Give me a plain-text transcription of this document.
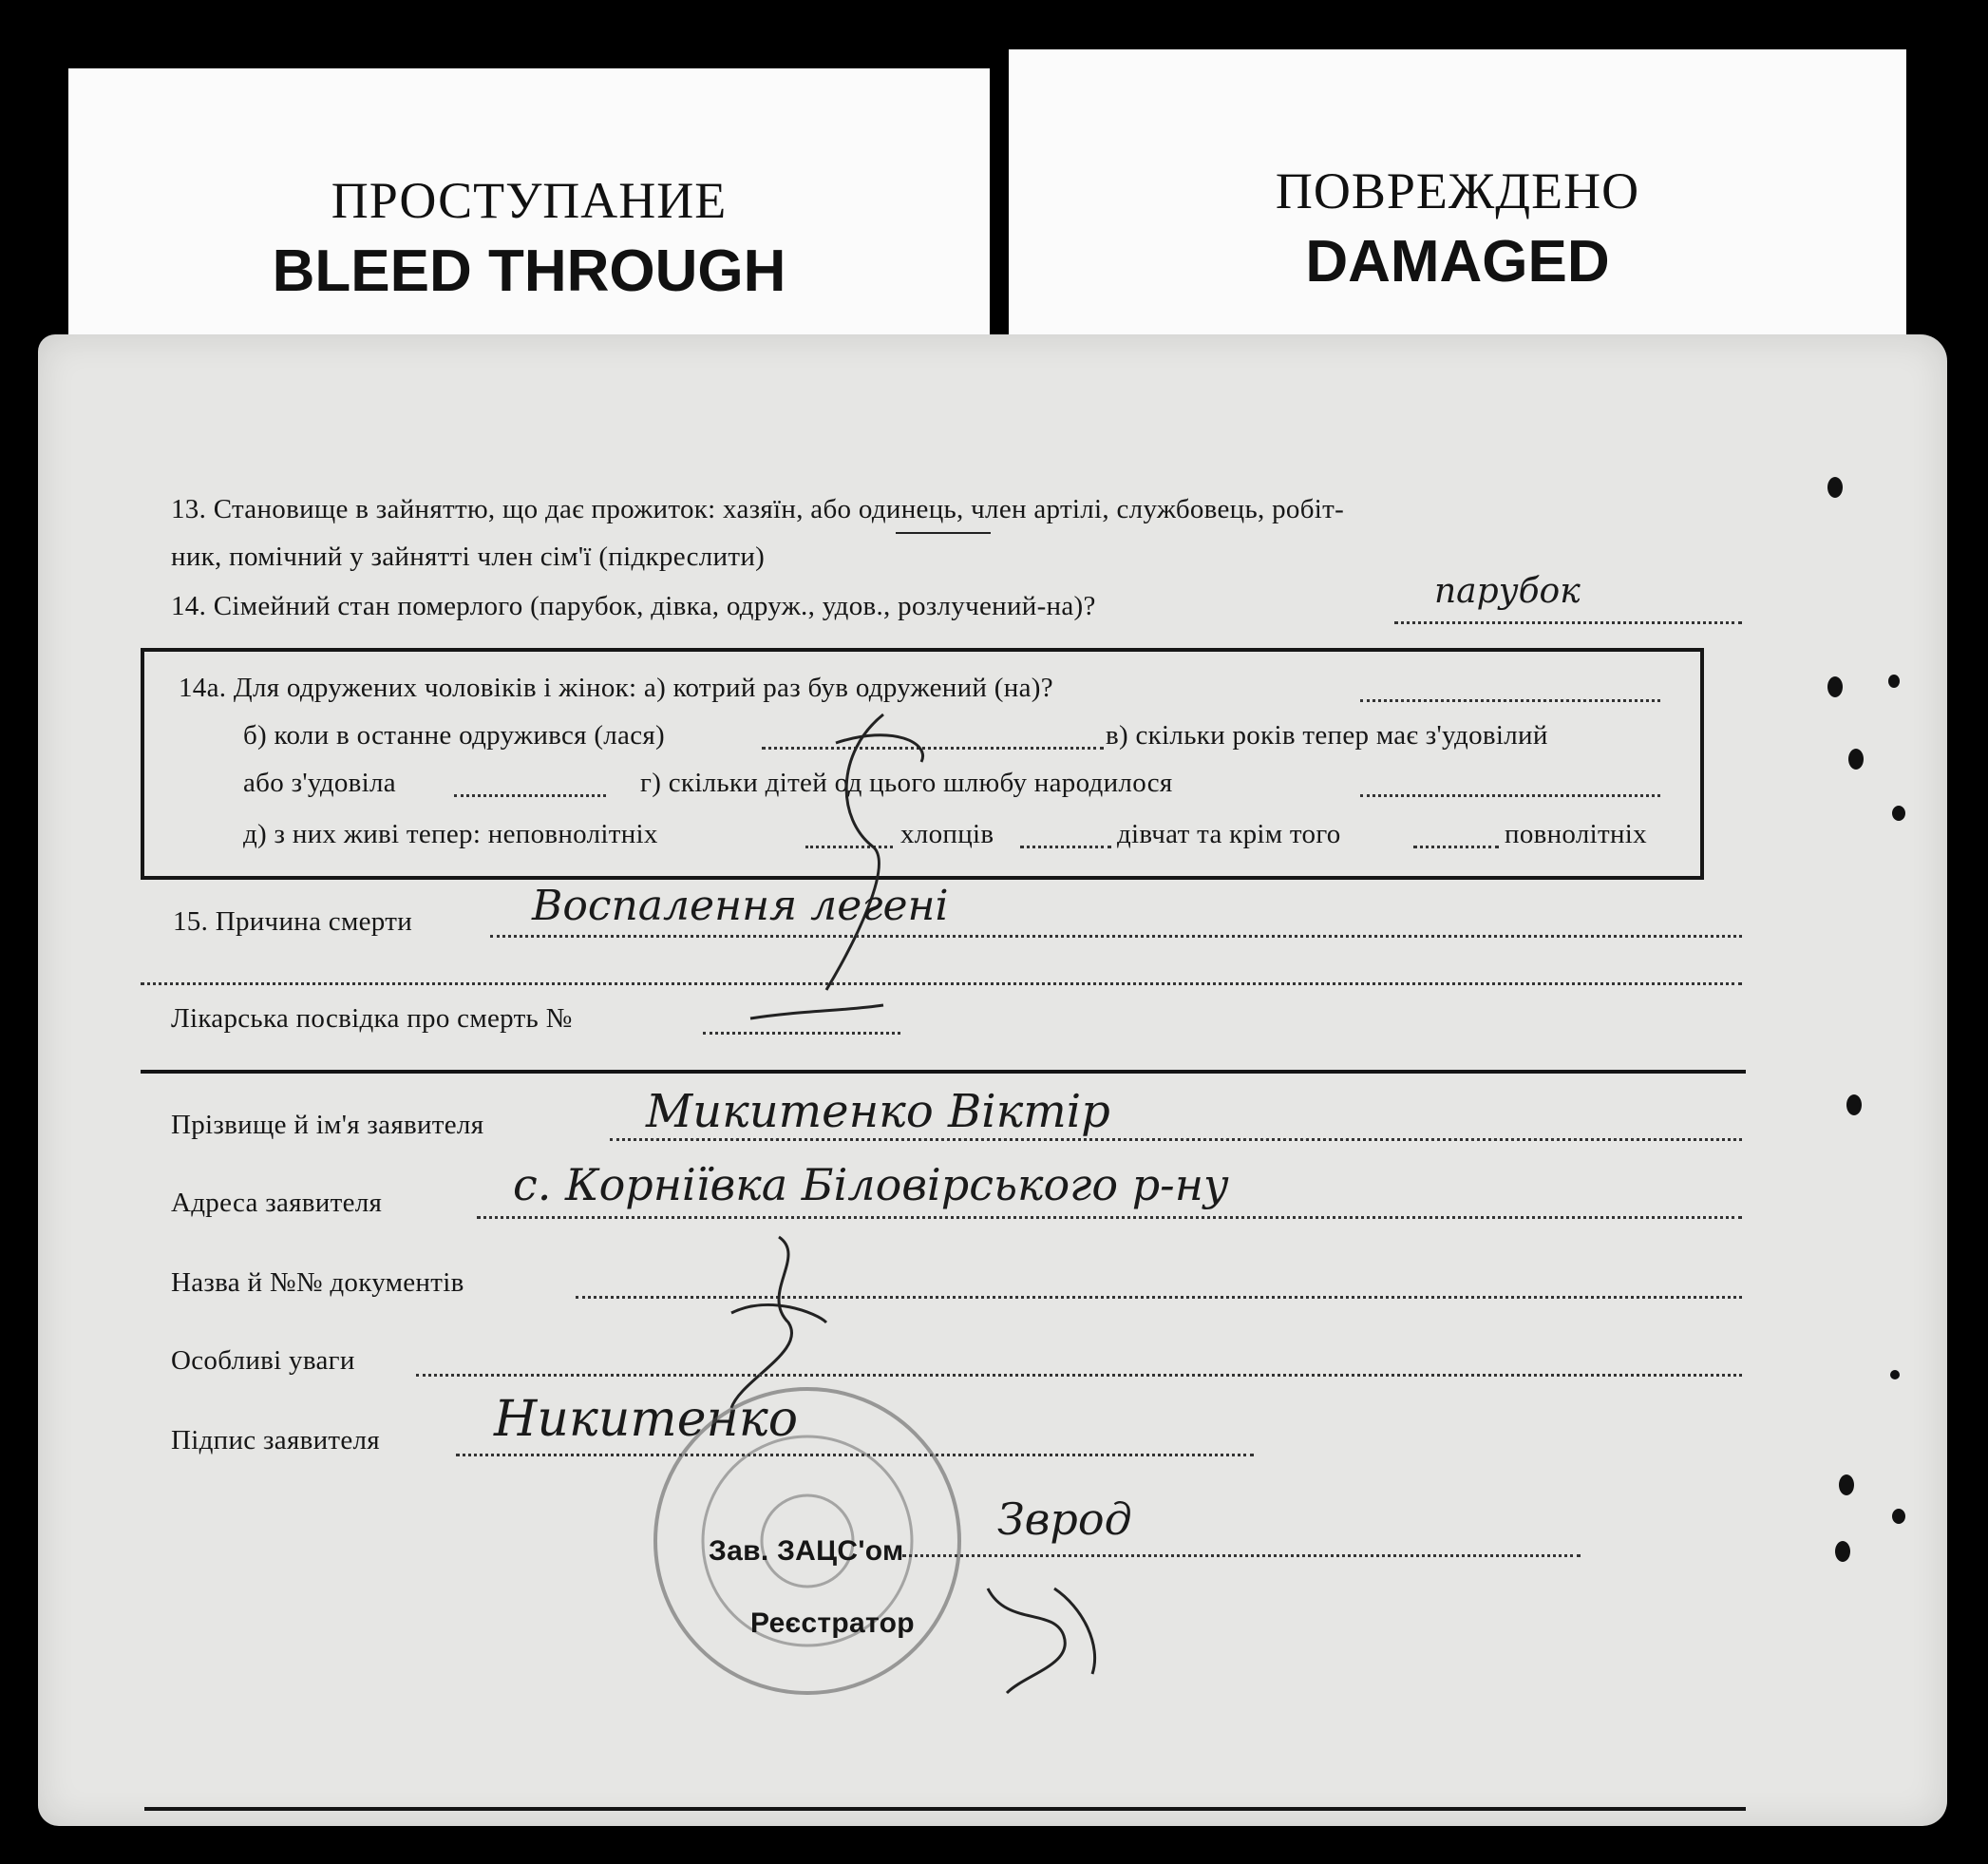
ПРОСТУПАНИЕ
BLEED THROUGH
ПОВРЕЖДЕНО
DAMAGED
13. Становище в зайняттю, що дає прожиток: хазяїн, або одинець, член артілі, службовець, робіт-
ник, помічний у зайнятті член сім'ї (підкреслити)
14. Сімейний стан померлого (парубок, дівка, одруж., удов., розлучений-на)?	парубок
14а. Для одружених чоловіків і жінок: а) котрий раз був одружений (на)?
б) коли в останне одружився (лася)	в) скільки років тепер має з'удовілий
або з'удовіла	г) скільки дітей од цього шлюбу народилося
д) з них живі тепер: неповнолітніх	хлопців	дівчат та крім того	повнолітніх
15. Причина смерти	Воспалення легені
Лікарська посвідка про смерть №
Прізвище й ім'я заявителя	Микитенко Віктір
Адреса заявителя	с. Корніївка Біловірського р-ну
Назва й №№ документів
Особливі уваги
Підпис заявителя Никитенко
Зав. ЗАЦС'ом
Зврод
Реєстратор
